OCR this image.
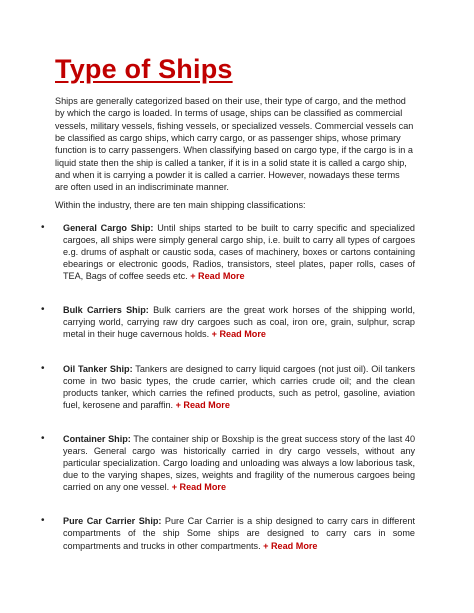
Type of Ships

Ships are generally categorized based on their use, their type of cargo, and the method by which the cargo is loaded. In terms of usage, ships can be classified as commercial vessels, military vessels, fishing vessels, or specialized vessels. Commercial vessels can be classified as cargo ships, which carry cargo, or as passenger ships, whose primary function is to carry passengers. When classifying based on cargo type, if the cargo is in a liquid state then the ship is called a tanker, if it is in a solid state it is called a cargo ship, and when it is carrying a powder it is called a carrier. However, nowadays these terms are often used in an indiscriminate manner.

Within the industry, there are ten main shipping classifications:

• General Cargo Ship: Until ships started to be built to carry specific and specialized cargoes, all ships were simply general cargo ship, i.e. built to carry all types of cargoes e.g. drums of asphalt or caustic soda, cases of machinery, boxes or cartons containing ebearings or electronic goods, Radios, transistors, steel plates, paper rolls, cases of TEA, Bags of coffee seeds etc. + Read More
• Bulk Carriers Ship: Bulk carriers are the great work horses of the shipping world, carrying world, carrying raw dry cargoes such as coal, iron ore, grain, sulphur, scrap metal in their huge cavernous holds. + Read More
• Oil Tanker Ship: Tankers are designed to carry liquid cargoes (not just oil). Oil tankers come in two basic types, the crude carrier, which carries crude oil; and the clean products tanker, which carries the refined products, such as petrol, gasoline, aviation fuel, kerosene and paraffin. + Read More
• Container Ship: The container ship or Boxship is the great success story of the last 40 years. General cargo was historically carried in dry cargo vessels, without any particular specialization. Cargo loading and unloading was always a low laborious task, due to the varying shapes, sizes, weights and fragility of the numerous cargoes being carried on any one vessel. + Read More
• Pure Car Carrier Ship: Pure Car Carrier is a ship designed to carry cars in different compartments of the ship Some ships are designed to carry cars in some compartments and trucks in other compartments. + Read More
